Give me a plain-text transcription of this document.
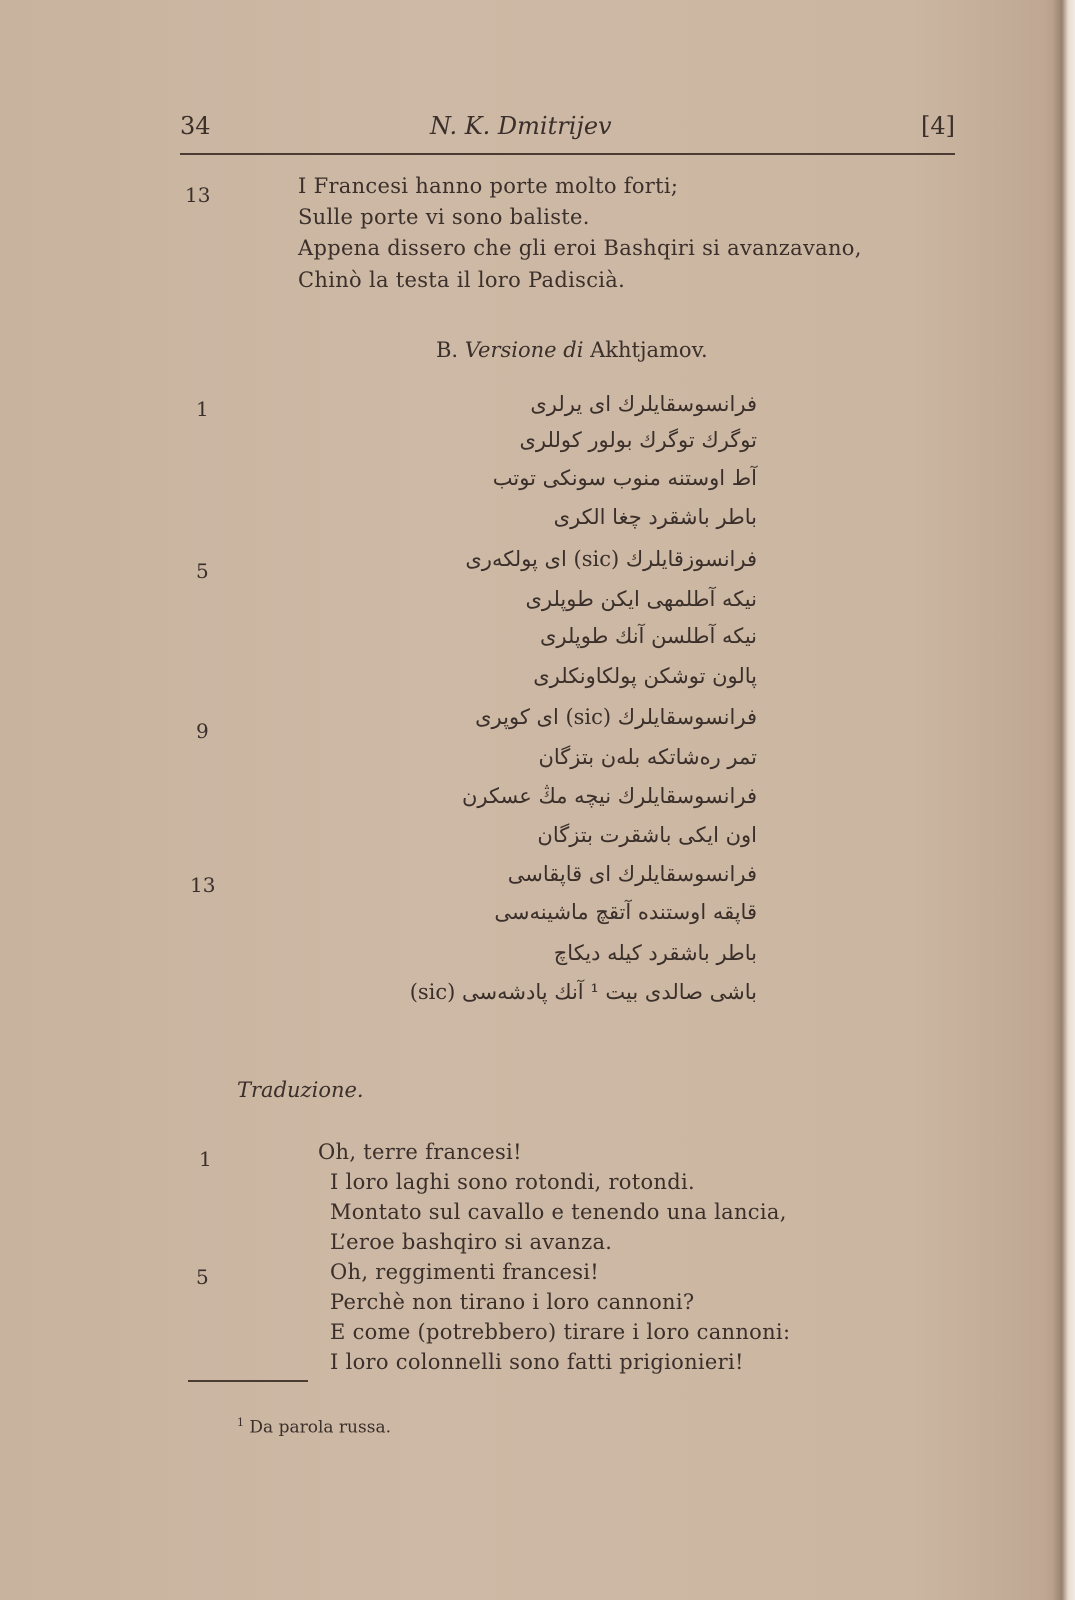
34	N. K. Dmitrijev	[4]
13	I Francesi hanno porte molto forti;
Sulle porte vi sono baliste.
Appena dissero che gli eroi Bashqiri si avanzavano,
Chinò la testa il loro Padiscià.
B. Versione di Akhtjamov.
1
5
9
13
فرانسوسقایلرك ای یرلری
توگرك توگرك بولور كوللری
آط اوستنه منوب سونكی توتب
باطر باشقرد چغا الكری
فرانسوزقایلرك (sic) ای پولكه‌ری
نیكه آطلمهی ایكن طوپلری
نیكه آطلسن آنك طوپلری
پالون توشكن پولكاونكلری
فرانسوسقایلرك (sic) ای كوپری
تمر رەشاتكه بلەن بتزگان
فرانسوسقایلرك نیچه مڭ عسكرن
اون ایكی باشقرت بتزگان
فرانسوسقایلرك ای قاپقاسی
قاپقه اوستندە آتقچ ماشینەسی
باطر باشقرد كیله دیكاچ
باشی صالدی بیت ¹ آنك پادشەسی (sic)
Traduzione.
1
5
Oh, terre francesi!
I loro laghi sono rotondi, rotondi.
Montato sul cavallo e tenendo una lancia,
L’eroe bashqiro si avanza.
Oh, reggimenti francesi!
Perchè non tirano i loro cannoni?
E come (potrebbero) tirare i loro cannoni:
I loro colonnelli sono fatti prigionieri!
$^1$ Da parola russa.
